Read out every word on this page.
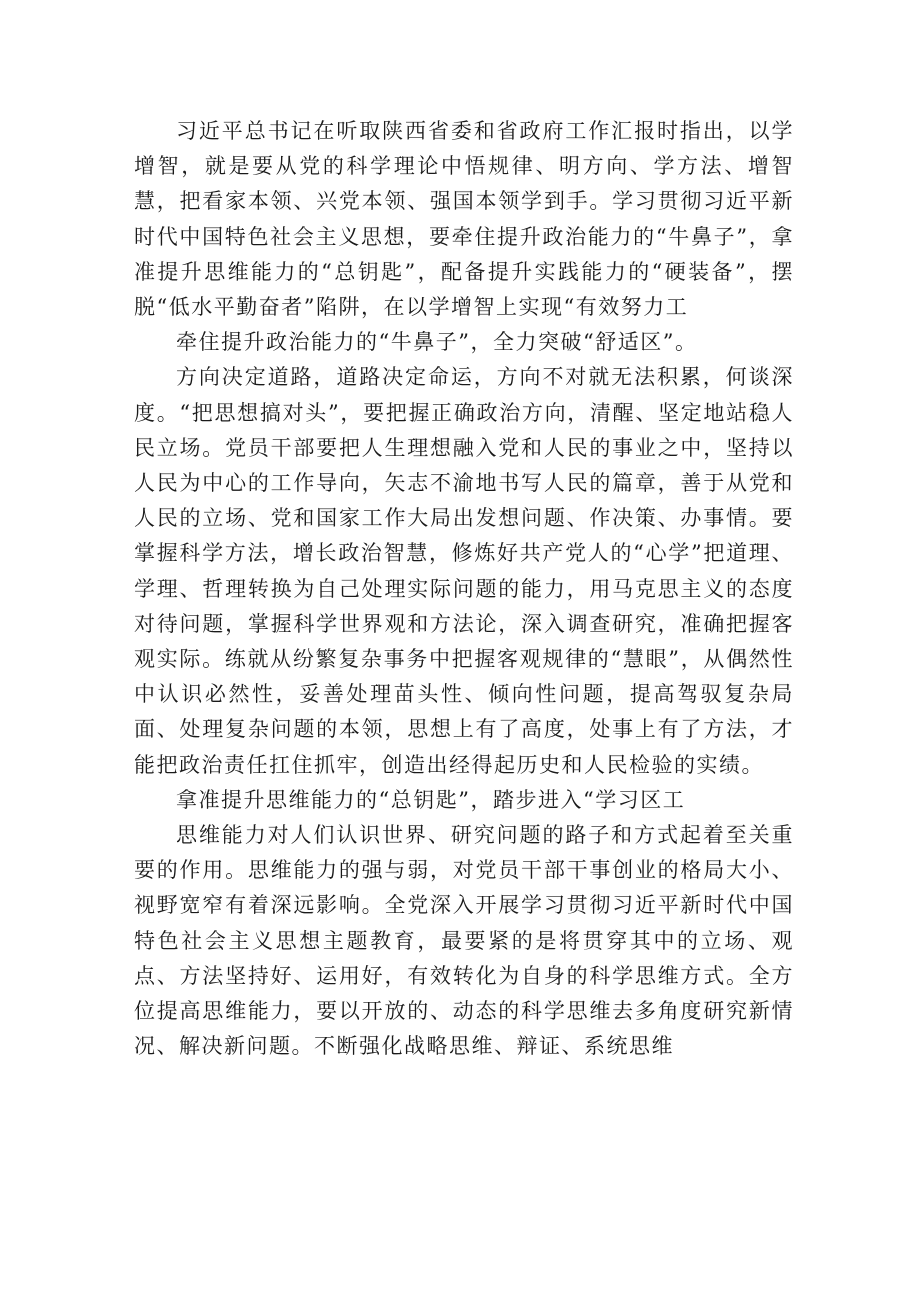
习近平总书记在听取陕西省委和省政府工作汇报时指出，以学增智，就是要从党的科学理论中悟规律、明方向、学方法、增智慧，把看家本领、兴党本领、强国本领学到手。学习贯彻习近平新时代中国特色社会主义思想，要牵住提升政治能力的“牛鼻子”，拿准提升思维能力的“总钥匙”，配备提升实践能力的“硬装备”，摆脱“低水平勤奋者”陷阱，在以学增智上实现“有效努力工

牵住提升政治能力的“牛鼻子”，全力突破“舒适区”。

方向决定道路，道路决定命运，方向不对就无法积累，何谈深度。“把思想搞对头”，要把握正确政治方向，清醒、坚定地站稳人民立场。党员干部要把人生理想融入党和人民的事业之中，坚持以人民为中心的工作导向，矢志不渝地书写人民的篇章，善于从党和人民的立场、党和国家工作大局出发想问题、作决策、办事情。要掌握科学方法，增长政治智慧，修炼好共产党人的“心学”把道理、学理、哲理转换为自己处理实际问题的能力，用马克思主义的态度对待问题，掌握科学世界观和方法论，深入调查研究，准确把握客观实际。练就从纷繁复杂事务中把握客观规律的“慧眼”，从偶然性中认识必然性，妥善处理苗头性、倾向性问题，提高驾驭复杂局面、处理复杂问题的本领，思想上有了高度，处事上有了方法，才能把政治责任扛住抓牢，创造出经得起历史和人民检验的实绩。

拿准提升思维能力的“总钥匙”，踏步进入“学习区工

思维能力对人们认识世界、研究问题的路子和方式起着至关重要的作用。思维能力的强与弱，对党员干部干事创业的格局大小、视野宽窄有着深远影响。全党深入开展学习贯彻习近平新时代中国特色社会主义思想主题教育，最要紧的是将贯穿其中的立场、观点、方法坚持好、运用好，有效转化为自身的科学思维方式。全方位提高思维能力，要以开放的、动态的科学思维去多角度研究新情况、解决新问题。不断强化战略思维、辩证、系统思维
